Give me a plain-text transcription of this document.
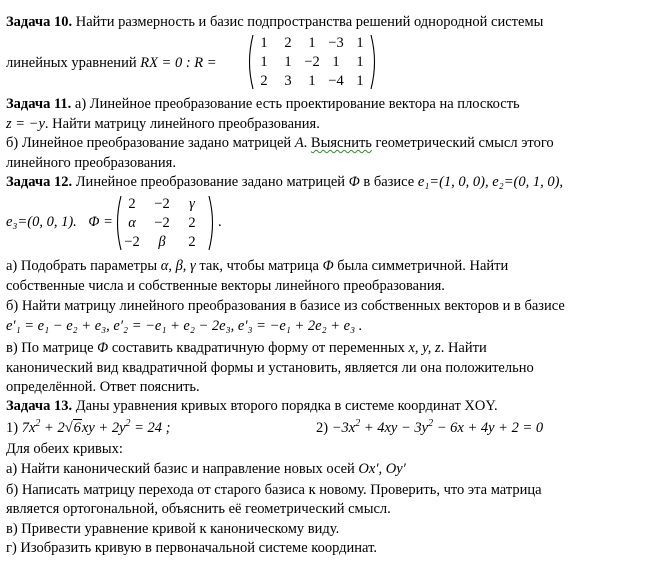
Задача 10. Найти размерность и базис подпространства решений однородной системы
линейных уравнений RX = 0 : R =
1	2	1 −3 1
1	1 −2 1	1
2	3	1 −4 1
Задача 11. а) Линейное преобразование есть проектирование вектора на плоскость
z = −y. Найти матрицу линейного преобразования.
б) Линейное преобразование задано матрицей A. Выяснить геометрический смысл этого
линейного преобразования.
Задача 12. Линейное преобразование задано матрицей Φ в базисе e₁=(1, 0, 0), e₂=(0, 1, 0),
e₃=(0, 0, 1). Φ =
2	−2	γ
α	−2	2
−2	β	2
.
а) Подобрать параметры α, β, γ так, чтобы матрица Φ была симметричной. Найти
собственные числа и собственные векторы линейного преобразования.
б) Найти матрицу линейного преобразования в базисе из собственных векторов и в базисе
e′₁ = e₁ − e₂ + e₃, e′₂ = −e₁ + e₂ − 2e₃, e′₃ = −e₁ + 2e₂ + e₃ .
в) По матрице Φ составить квадратичную форму от переменных x, y, z. Найти
канонический вид квадратичной формы и установить, является ли она положительно
определённой. Ответ пояснить.
Задача 13. Даны уравнения кривых второго порядка в системе координат XOY.
1) $7x^2 + 2√6xy + 2y^2 = 24$ ;	$2) -3x^2 + 4xy - 3y^2 - 6x + 4y + 2 = 0$
Для обеих кривых:
а) Найти канонический базис и направление новых осей Ox′, Oy′
б) Написать матрицу перехода от старого базиса к новому. Проверить, что эта матрица
является ортогональной, объяснить её геометрический смысл.
в) Привести уравнение кривой к каноническому виду.
г) Изобразить кривую в первоначальной системе координат.
